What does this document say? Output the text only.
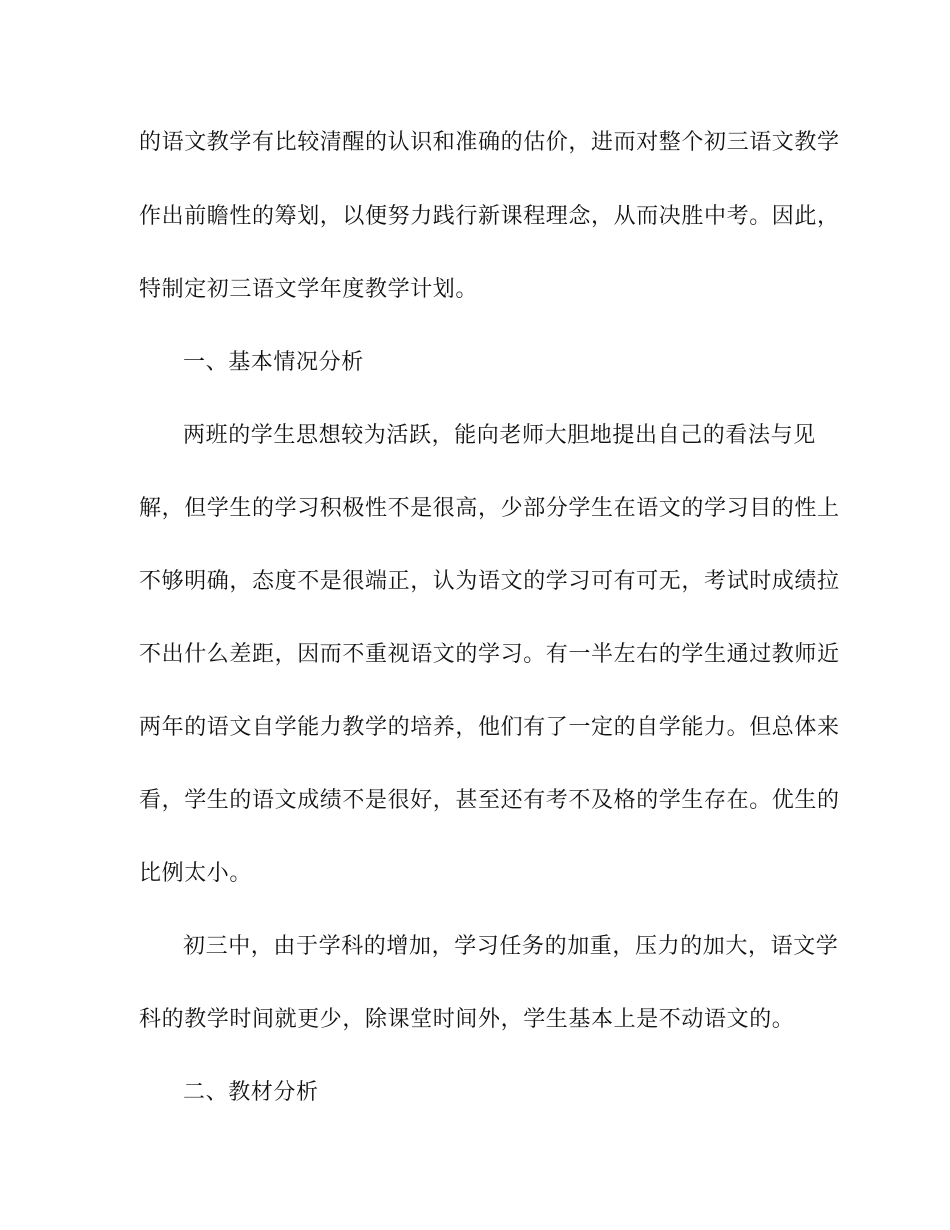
的语文教学有比较清醒的认识和准确的估价，进而对整个初三语文教学
作出前瞻性的筹划，以便努力践行新课程理念，从而决胜中考。因此，
特制定初三语文学年度教学计划。
一、基本情况分析
两班的学生思想较为活跃，能向老师大胆地提出自己的看法与见
解，但学生的学习积极性不是很高，少部分学生在语文的学习目的性上
不够明确，态度不是很端正，认为语文的学习可有可无，考试时成绩拉
不出什么差距，因而不重视语文的学习。有一半左右的学生通过教师近
两年的语文自学能力教学的培养，他们有了一定的自学能力。但总体来
看，学生的语文成绩不是很好，甚至还有考不及格的学生存在。优生的
比例太小。
初三中，由于学科的增加，学习任务的加重，压力的加大，语文学
科的教学时间就更少，除课堂时间外，学生基本上是不动语文的。
二、教材分析
